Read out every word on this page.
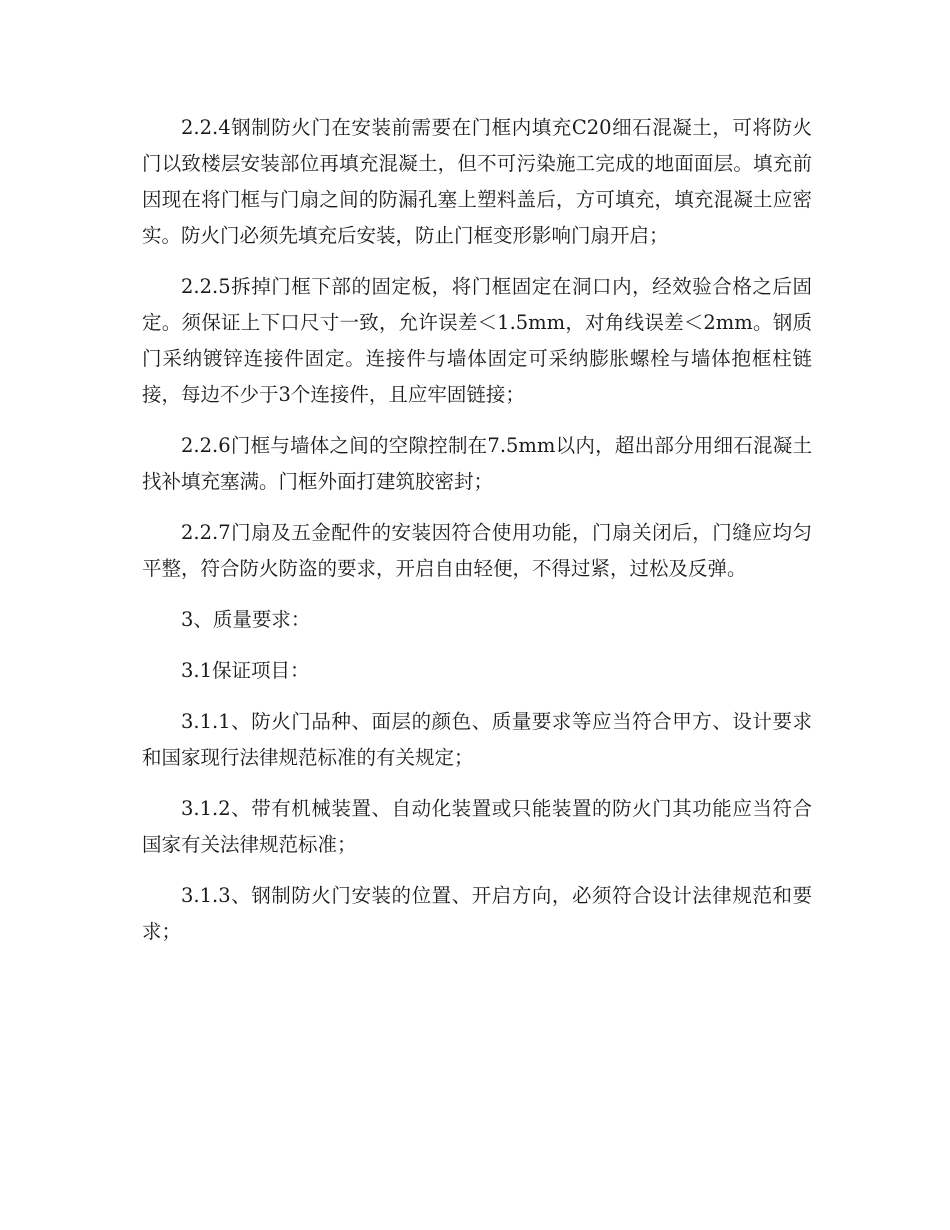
2.2.4钢制防火门在安装前需要在门框内填充C20细石混凝土，可将防火门以致楼层安装部位再填充混凝土，但不可污染施工完成的地面面层。填充前因现在将门框与门扇之间的防漏孔塞上塑料盖后，方可填充，填充混凝土应密实。防火门必须先填充后安装，防止门框变形影响门扇开启；

2.2.5拆掉门框下部的固定板，将门框固定在洞口内，经效验合格之后固定。须保证上下口尺寸一致，允许误差＜1.5mm，对角线误差＜2mm。钢质门采纳镀锌连接件固定。连接件与墙体固定可采纳膨胀螺栓与墙体抱框柱链接，每边不少于3个连接件，且应牢固链接；

2.2.6门框与墙体之间的空隙控制在7.5mm以内，超出部分用细石混凝土找补填充塞满。门框外面打建筑胶密封；

2.2.7门扇及五金配件的安装因符合使用功能，门扇关闭后，门缝应均匀平整，符合防火防盗的要求，开启自由轻便，不得过紧，过松及反弹。

3、质量要求：

3.1保证项目：

3.1.1、防火门品种、面层的颜色、质量要求等应当符合甲方、设计要求和国家现行法律规范标准的有关规定；

3.1.2、带有机械装置、自动化装置或只能装置的防火门其功能应当符合国家有关法律规范标准；

3.1.3、钢制防火门安装的位置、开启方向，必须符合设计法律规范和要求；
